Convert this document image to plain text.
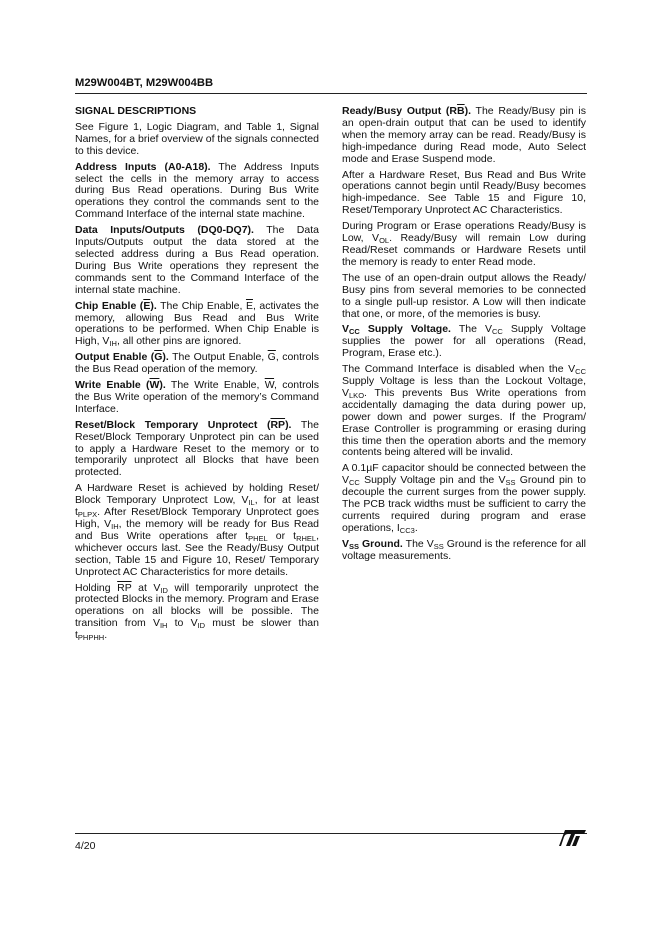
M29W004BT, M29W004BB
SIGNAL DESCRIPTIONS

See Figure 1, Logic Diagram, and Table 1, Signal Names, for a brief overview of the signals connected to this device.

Address Inputs (A0-A18). The Address Inputs select the cells in the memory array to access during Bus Read operations. During Bus Write operations they control the commands sent to the Command Interface of the internal state machine.

Data Inputs/Outputs (DQ0-DQ7). The Data Inputs/Outputs output the data stored at the selected address during a Bus Read operation. During Bus Write operations they represent the commands sent to the Command Interface of the internal state machine.

Chip Enable $(\overline{E})$. The Chip Enable, $\overline{E}$, activates the memory, allowing Bus Read and Bus Write operations to be performed. When Chip Enable is High, $V_{IH}$, all other pins are ignored.

Output Enable $(\overline{G})$. The Output Enable, $\overline{G}$, controls the Bus Read operation of the memory.

Write Enable $(\overline{W})$. The Write Enable, $\overline{W}$, controls the Bus Write operation of the memory’s Command Interface.

Reset/Block Temporary Unprotect $(\overline{RP})$. The Reset/Block Temporary Unprotect pin can be used to apply a Hardware Reset to the memory or to temporarily unprotect all Blocks that have been protected.

A Hardware Reset is achieved by holding Reset/ Block Temporary Unprotect Low, $V_{IL}$, for at least $t_{PLPX}$. After Reset/Block Temporary Unprotect goes High, $V_{IH}$, the memory will be ready for Bus Read and Bus Write operations after $t_{PHEL}$ or $t_{RHEL}$, whichever occurs last. See the Ready/Busy Output section, Table 15 and Figure 10, Reset/ Temporary Unprotect AC Characteristics for more details.

Holding $\overline{RP}$ at $V_{ID}$ will temporarily unprotect the protected Blocks in the memory. Program and Erase operations on all blocks will be possible. The transition from $V_{IH}$ to $V_{ID}$ must be slower than $t_{PHPHH}$.

Ready/Busy Output $(R\overline{B})$. The Ready/Busy pin is an open-drain output that can be used to identify when the memory array can be read. Ready/Busy is high-impedance during Read mode, Auto Select mode and Erase Suspend mode.

After a Hardware Reset, Bus Read and Bus Write operations cannot begin until Ready/Busy becomes high-impedance. See Table 15 and Figure 10, Reset/Temporary Unprotect AC Characteristics.

During Program or Erase operations Ready/Busy is Low, $V_{OL}$. Ready/Busy will remain Low during Read/Reset commands or Hardware Resets until the memory is ready to enter Read mode.

The use of an open-drain output allows the Ready/ Busy pins from several memories to be connected to a single pull-up resistor. A Low will then indicate that one, or more, of the memories is busy.

$V_{CC}$ Supply Voltage. The $V_{CC}$ Supply Voltage supplies the power for all operations (Read, Program, Erase etc.).

The Command Interface is disabled when the $V_{CC}$ Supply Voltage is less than the Lockout Voltage, $V_{LKO}$. This prevents Bus Write operations from accidentally damaging the data during power up, power down and power surges. If the Program/ Erase Controller is programming or erasing during this time then the operation aborts and the memory contents being altered will be invalid.

A 0.1µF capacitor should be connected between the $V_{CC}$ Supply Voltage pin and the $V_{SS}$ Ground pin to decouple the current surges from the power supply. The PCB track widths must be sufficient to carry the currents required during program and erase operations, $I_{CC3}$.

$V_{SS}$ Ground. The $V_{SS}$ Ground is the reference for all voltage measurements.

4/20
